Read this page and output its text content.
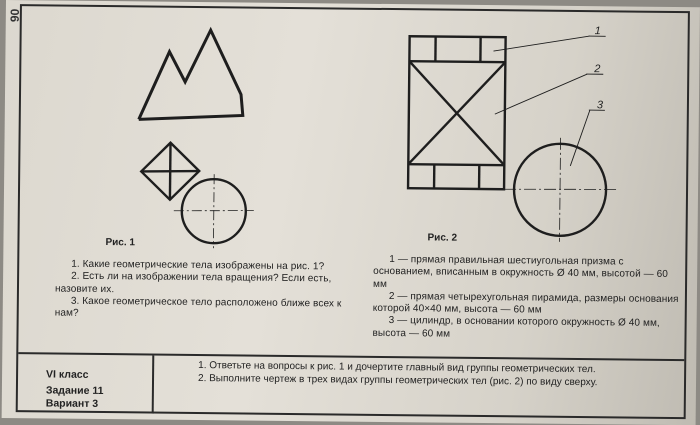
90
1
2
3
Рис. 1	Рис. 2

1. Какие геометрические тела изображены на рис. 1?

2. Есть ли на изображении тела вращения? Если есть, назовите их.

3. Какое геометрическое тело расположено ближе всех к нам?

1 — прямая правильная шестиугольная призма с основанием, вписанным в окружность Ø 40 мм, высотой — 60 мм

2 — прямая четырехугольная пирамида, размеры основания которой 40×40 мм, высота — 60 мм

3 — цилиндр, в основании которого окружность Ø 40 мм, высота — 60 мм

VI класс
Задание 11
Вариант 3

1. Ответьте на вопросы к рис. 1 и дочертите главный вид группы геометрических тел.

2. Выполните чертеж в трех видах группы геометрических тел (рис. 2) по виду сверху.
